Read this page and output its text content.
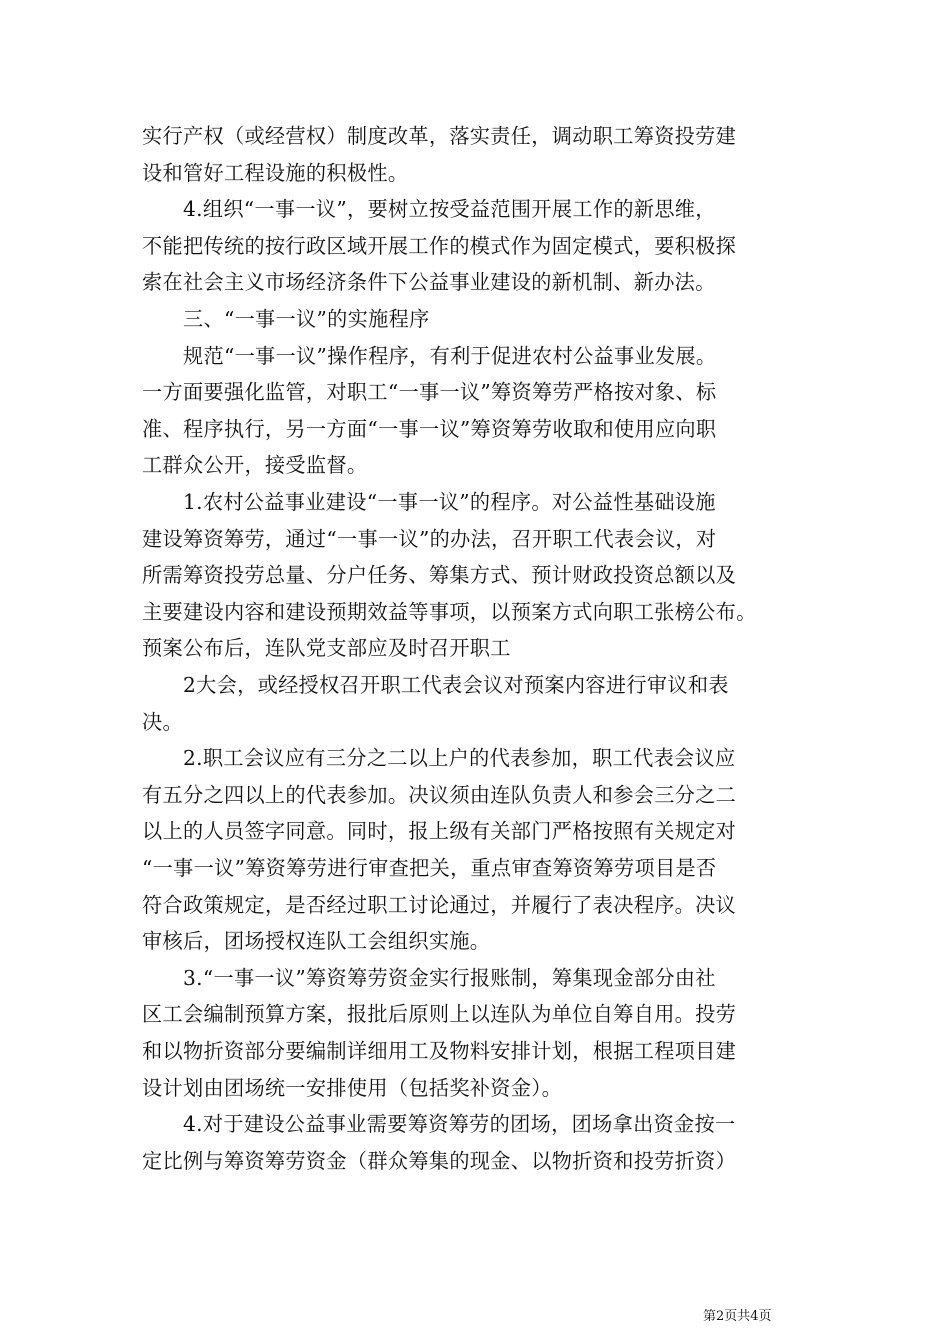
实行产权（或经营权）制度改革，落实责任，调动职工筹资投劳建
设和管好工程设施的积极性。
　　4.组织“一事一议”，要树立按受益范围开展工作的新思维，
不能把传统的按行政区域开展工作的模式作为固定模式，要积极探
索在社会主义市场经济条件下公益事业建设的新机制、新办法。
　　三、“一事一议”的实施程序
　　规范“一事一议”操作程序，有利于促进农村公益事业发展。
一方面要强化监管，对职工“一事一议”筹资筹劳严格按对象、标
准、程序执行，另一方面“一事一议”筹资筹劳收取和使用应向职
工群众公开，接受监督。
　　1.农村公益事业建设“一事一议”的程序。对公益性基础设施
建设筹资筹劳，通过“一事一议”的办法，召开职工代表会议，对
所需筹资投劳总量、分户任务、筹集方式、预计财政投资总额以及
主要建设内容和建设预期效益等事项，以预案方式向职工张榜公布。
预案公布后，连队党支部应及时召开职工
　　2大会，或经授权召开职工代表会议对预案内容进行审议和表
决。
　　2.职工会议应有三分之二以上户的代表参加，职工代表会议应
有五分之四以上的代表参加。决议须由连队负责人和参会三分之二
以上的人员签字同意。同时，报上级有关部门严格按照有关规定对
“一事一议”筹资筹劳进行审查把关，重点审查筹资筹劳项目是否
符合政策规定，是否经过职工讨论通过，并履行了表决程序。决议
审核后，团场授权连队工会组织实施。
　　3.“一事一议”筹资筹劳资金实行报账制，筹集现金部分由社
区工会编制预算方案，报批后原则上以连队为单位自筹自用。投劳
和以物折资部分要编制详细用工及物料安排计划，根据工程项目建
设计划由团场统一安排使用（包括奖补资金）。
　　4.对于建设公益事业需要筹资筹劳的团场，团场拿出资金按一
定比例与筹资筹劳资金（群众筹集的现金、以物折资和投劳折资）
第2页共4页
